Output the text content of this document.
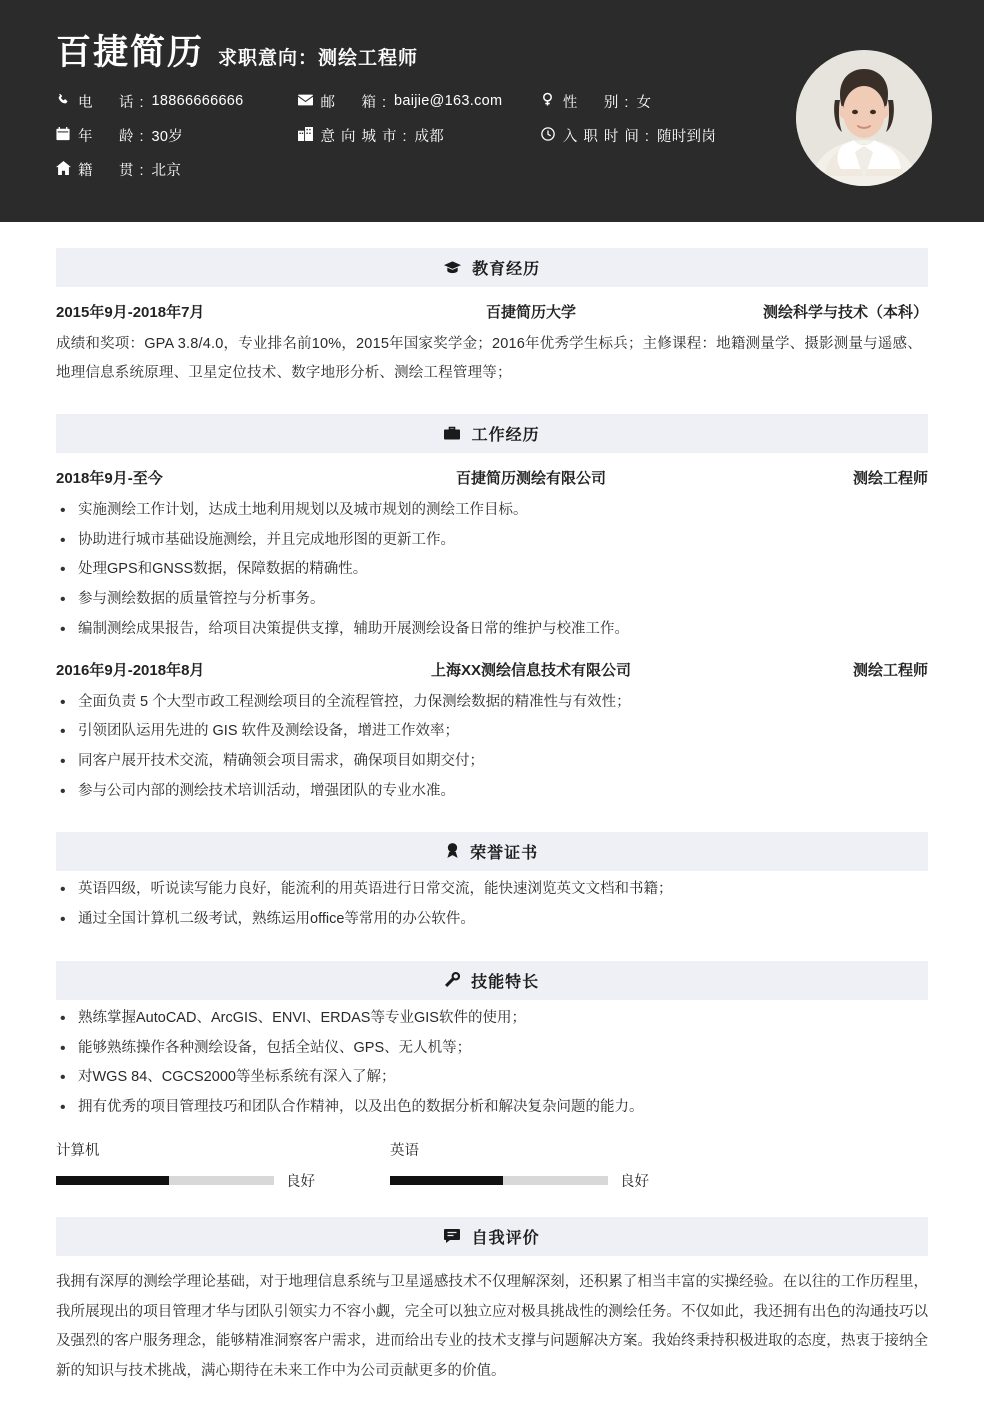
百捷简历 求职意向：测绘工程师
电　话: 18866666666	邮　箱: baijie@163.com	性　别: 女
年　龄: 30岁	意向城市: 成都	入职时间: 随时到岗
籍　贯: 北京
教育经历
2015年9月-2018年7月	百捷简历大学	测绘科学与技术（本科）
成绩和奖项：GPA 3.8/4.0，专业排名前10%，2015年国家奖学金；2016年优秀学生标兵；主修课程：地籍测量学、摄影测量与遥感、地理信息系统原理、卫星定位技术、数字地形分析、测绘工程管理等；
工作经历
2018年9月-至今	百捷简历测绘有限公司	测绘工程师
• 实施测绘工作计划，达成土地利用规划以及城市规划的测绘工作目标。
• 协助进行城市基础设施测绘，并且完成地形图的更新工作。
• 处理GPS和GNSS数据，保障数据的精确性。
• 参与测绘数据的质量管控与分析事务。
• 编制测绘成果报告，给项目决策提供支撑，辅助开展测绘设备日常的维护与校准工作。
2016年9月-2018年8月	上海XX测绘信息技术有限公司	测绘工程师
• 全面负责 5 个大型市政工程测绘项目的全流程管控，力保测绘数据的精准性与有效性；
• 引领团队运用先进的 GIS 软件及测绘设备，增进工作效率；
• 同客户展开技术交流，精确领会项目需求，确保项目如期交付；
• 参与公司内部的测绘技术培训活动，增强团队的专业水准。
荣誉证书
• 英语四级，听说读写能力良好，能流利的用英语进行日常交流，能快速浏览英文文档和书籍；
• 通过全国计算机二级考试，熟练运用office等常用的办公软件。
技能特长
• 熟练掌握AutoCAD、ArcGIS、ENVI、ERDAS等专业GIS软件的使用；
• 能够熟练操作各种测绘设备，包括全站仪、GPS、无人机等；
• 对WGS 84、CGCS2000等坐标系统有深入了解；
• 拥有优秀的项目管理技巧和团队合作精神，以及出色的数据分析和解决复杂问题的能力。
计算机
良好
英语
良好
自我评价
我拥有深厚的测绘学理论基础，对于地理信息系统与卫星遥感技术不仅理解深刻，还积累了相当丰富的实操经验。在以往的工作历程里，我所展现出的项目管理才华与团队引领实力不容小觑，完全可以独立应对极具挑战性的测绘任务。不仅如此，我还拥有出色的沟通技巧以及强烈的客户服务理念，能够精准洞察客户需求，进而给出专业的技术支撑与问题解决方案。我始终秉持积极进取的态度，热衷于接纳全新的知识与技术挑战，满心期待在未来工作中为公司贡献更多的价值。
